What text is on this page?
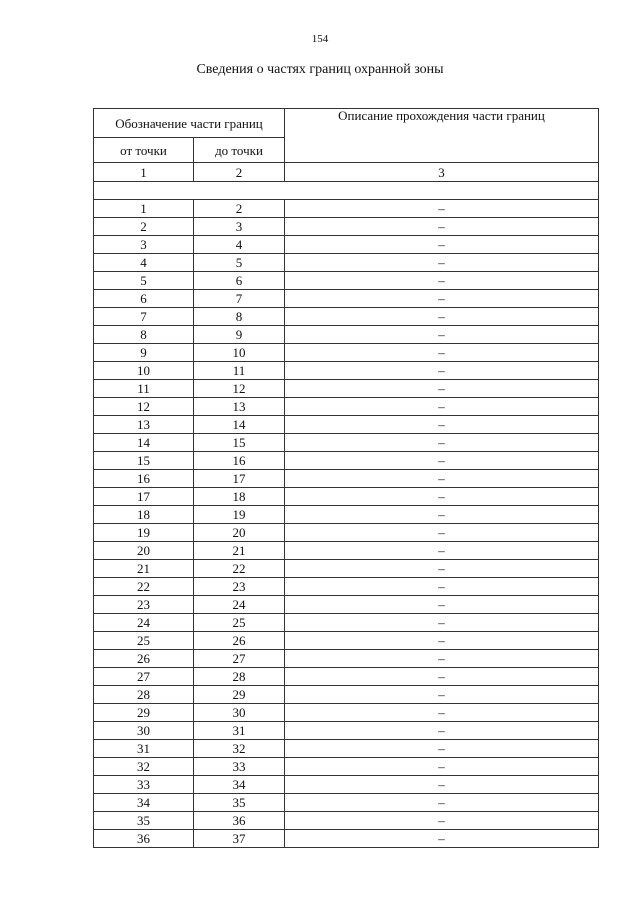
154
Сведения о частях границ охранной зоны
Обозначение части границ		Описание прохождения части границ
от точки	до точки	
1	2	3

1	2	–
2	3	–
3	4	–
4	5	–
5	6	–
6	7	–
7	8	–
8	9	–
9	10	–
10	11	–
11	12	–
12	13	–
13	14	–
14	15	–
15	16	–
16	17	–
17	18	–
18	19	–
19	20	–
20	21	–
21	22	–
22	23	–
23	24	–
24	25	–
25	26	–
26	27	–
27	28	–
28	29	–
29	30	–
30	31	–
31	32	–
32	33	–
33	34	–
34	35	–
35	36	–
36	37	–
